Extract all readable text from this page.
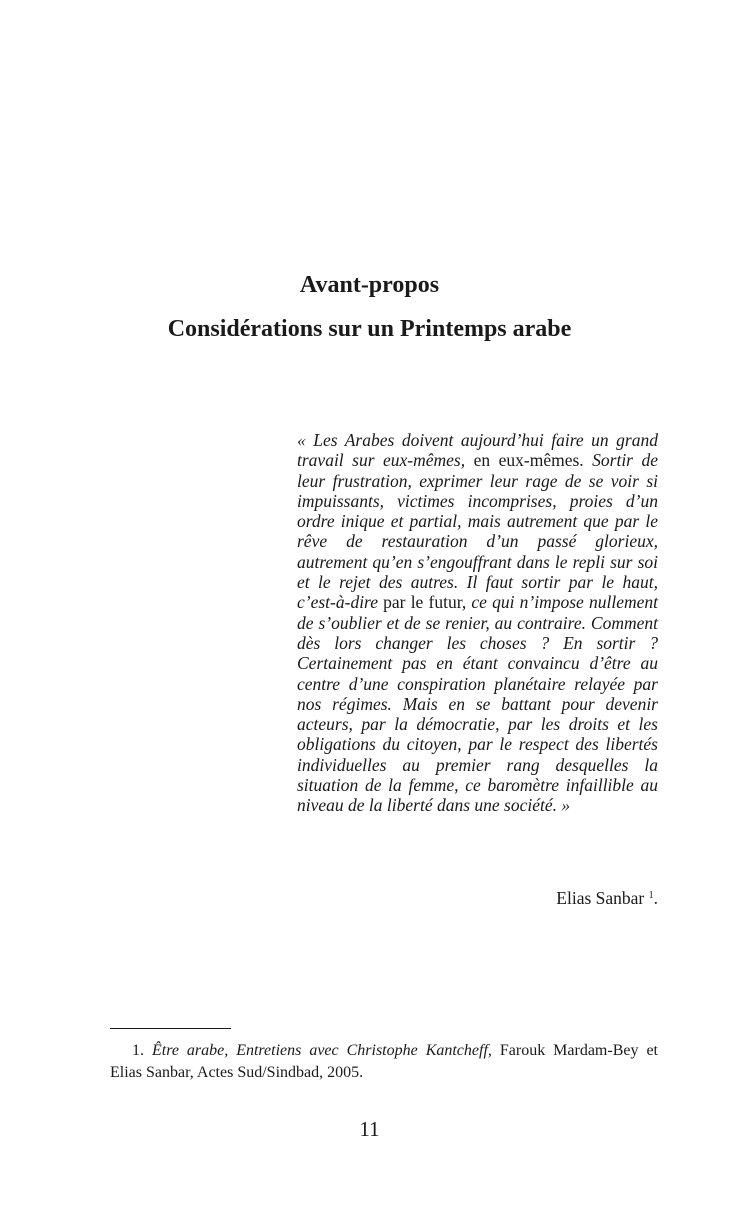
Avant-propos
Considérations sur un Printemps arabe

« Les Arabes doivent aujourd’hui faire un grand travail sur eux-mêmes, en eux-mêmes. Sortir de leur frustration, exprimer leur rage de se voir si impuissants, victimes incomprises, proies d’un ordre inique et partial, mais autrement que par le rêve de restauration d’un passé glorieux, autrement qu’en s’engouffrant dans le repli sur soi et le rejet des autres. Il faut sortir par le haut, c’est-à-dire par le futur, ce qui n’impose nullement de s’oublier et de se renier, au contraire. Comment dès lors changer les choses ? En sortir ? Certainement pas en étant convaincu d’être au centre d’une conspiration planétaire relayée par nos régimes. Mais en se battant pour devenir acteurs, par la démocratie, par les droits et les obligations du citoyen, par le respect des libertés individuelles au premier rang desquelles la situation de la femme, ce baromètre infaillible au niveau de la liberté dans une société. »

Elias Sanbar $^1$.

1. Être arabe, Entretiens avec Christophe Kantcheff, Farouk Mardam-Bey et Elias Sanbar, Actes Sud/Sindbad, 2005.

11
